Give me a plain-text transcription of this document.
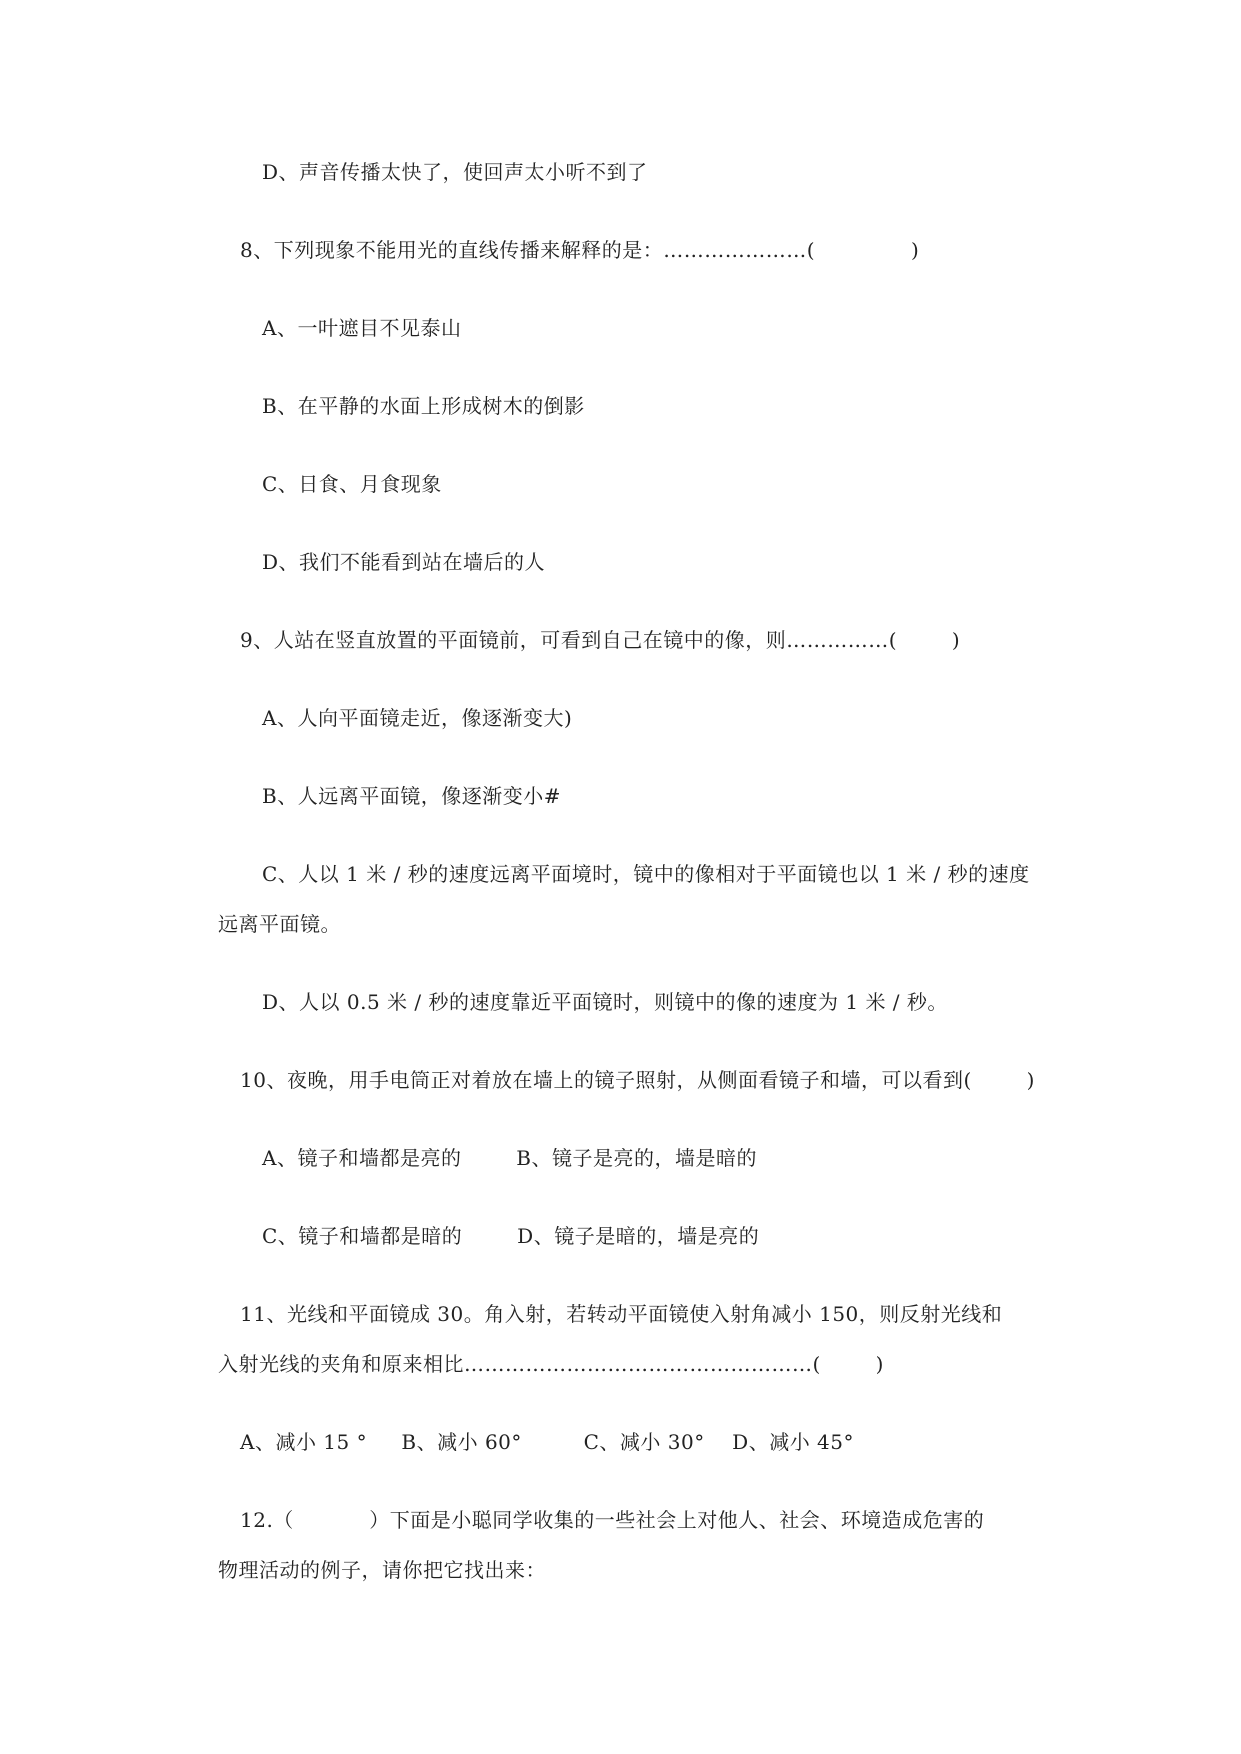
D、声音传播太快了，使回声太小听不到了
8、下列现象不能用光的直线传播来解释的是：…………………(              )
A、一叶遮目不见泰山
B、在平静的水面上形成树木的倒影
C、日食、月食现象
D、我们不能看到站在墙后的人
9、人站在竖直放置的平面镜前，可看到自己在镜中的像，则……………(        )
A、人向平面镜走近，像逐渐变大)
B、人远离平面镜，像逐渐变小#
C、人以 1 米 / 秒的速度远离平面境时，镜中的像相对于平面镜也以 1 米 / 秒的速度
远离平面镜。
D、人以 0.5 米 / 秒的速度靠近平面镜时，则镜中的像的速度为 1 米 / 秒。
10、夜晚，用手电筒正对着放在墙上的镜子照射，从侧面看镜子和墙，可以看到(        )
A、镜子和墙都是亮的        B、镜子是亮的，墙是暗的
C、镜子和墙都是暗的        D、镜子是暗的，墙是亮的
11、光线和平面镜成 30。角入射，若转动平面镜使入射角减小 150，则反射光线和
入射光线的夹角和原来相比……………………………………………(        )
A、减小 15 °     B、减小 60°         C、减小 30°    D、减小 45°
12.（           ）下面是小聪同学收集的一些社会上对他人、社会、环境造成危害的
物理活动的例子，请你把它找出来：
